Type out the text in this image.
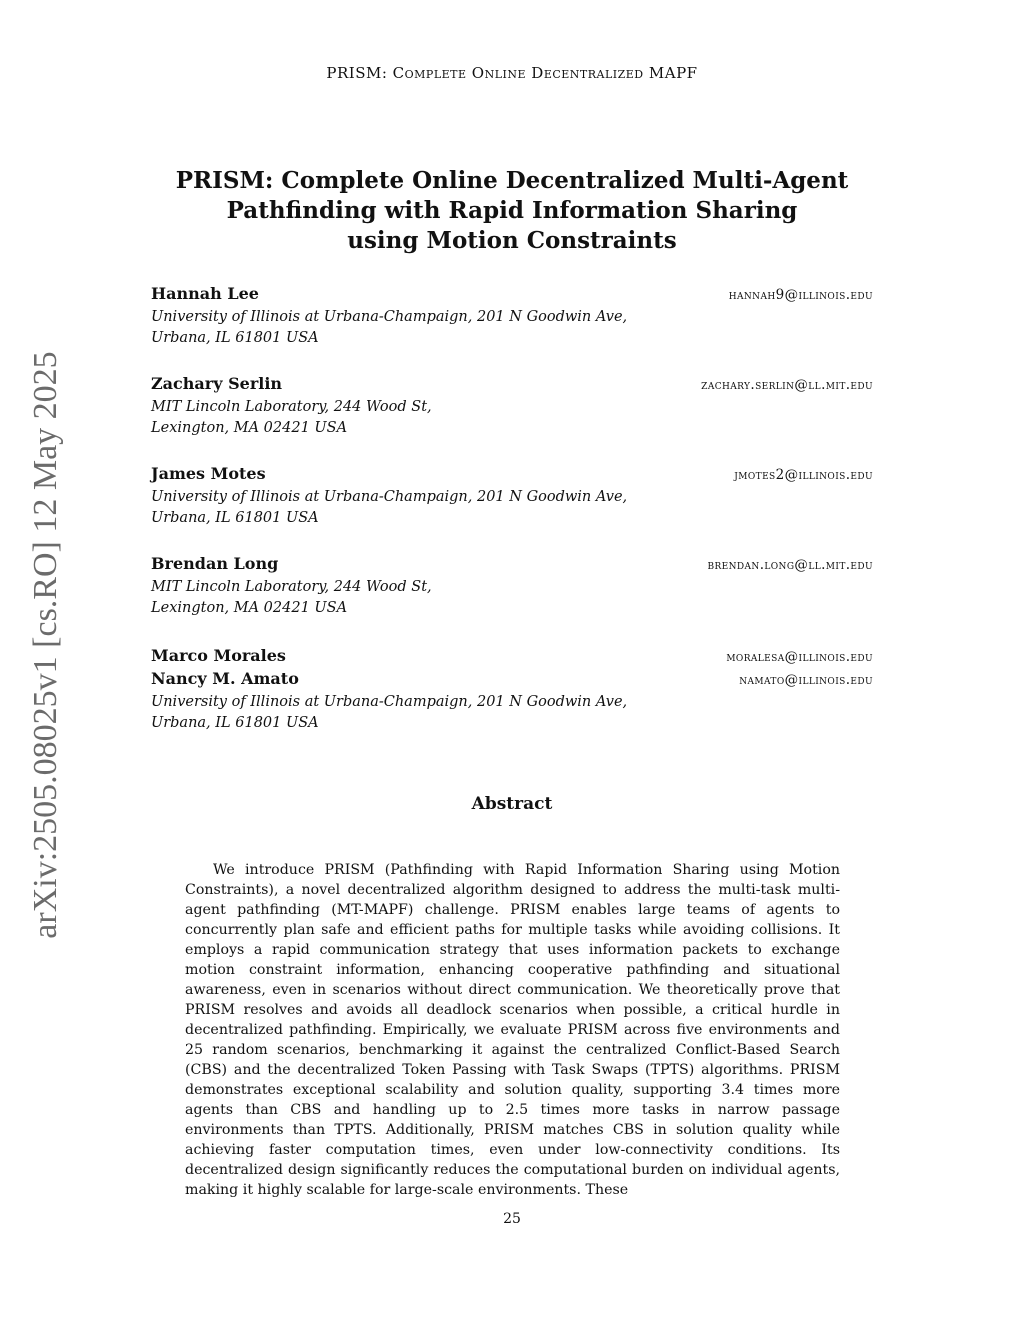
PRISM: Complete Online Decentralized MAPF
arXiv:2505.08025v1 [cs.RO] 12 May 2025
PRISM: Complete Online Decentralized Multi-Agent
Pathfinding with Rapid Information Sharing
using Motion Constraints
Hannah Lee	hannah9@illinois.edu
University of Illinois at Urbana-Champaign, 201 N Goodwin Ave,
Urbana, IL 61801 USA
Zachary Serlin	zachary.serlin@ll.mit.edu
MIT Lincoln Laboratory, 244 Wood St,
Lexington, MA 02421 USA
James Motes	jmotes2@illinois.edu
University of Illinois at Urbana-Champaign, 201 N Goodwin Ave,
Urbana, IL 61801 USA
Brendan Long	brendan.long@ll.mit.edu
MIT Lincoln Laboratory, 244 Wood St,
Lexington, MA 02421 USA
Marco Morales	moralesa@illinois.edu
Nancy M. Amato	namato@illinois.edu
University of Illinois at Urbana-Champaign, 201 N Goodwin Ave,
Urbana, IL 61801 USA
Abstract
We introduce PRISM (Pathfinding with Rapid Information Sharing using Motion Constraints), a novel decentralized algorithm designed to address the multi-task multi-agent pathfinding (MT-MAPF) challenge. PRISM enables large teams of agents to concurrently plan safe and efficient paths for multiple tasks while avoiding collisions. It employs a rapid communication strategy that uses information packets to exchange motion constraint information, enhancing cooperative pathfinding and situational awareness, even in scenarios without direct communication. We theoretically prove that PRISM resolves and avoids all deadlock scenarios when possible, a critical hurdle in decentralized pathfinding. Empirically, we evaluate PRISM across five environments and 25 random scenarios, benchmarking it against the centralized Conflict-Based Search (CBS) and the decentralized Token Passing with Task Swaps (TPTS) algorithms. PRISM demonstrates exceptional scalability and solution quality, supporting 3.4 times more agents than CBS and handling up to 2.5 times more tasks in narrow passage environments than TPTS. Additionally, PRISM matches CBS in solution quality while achieving faster computation times, even under low-connectivity conditions. Its decentralized design significantly reduces the computational burden on individual agents, making it highly scalable for large-scale environments. These
25
